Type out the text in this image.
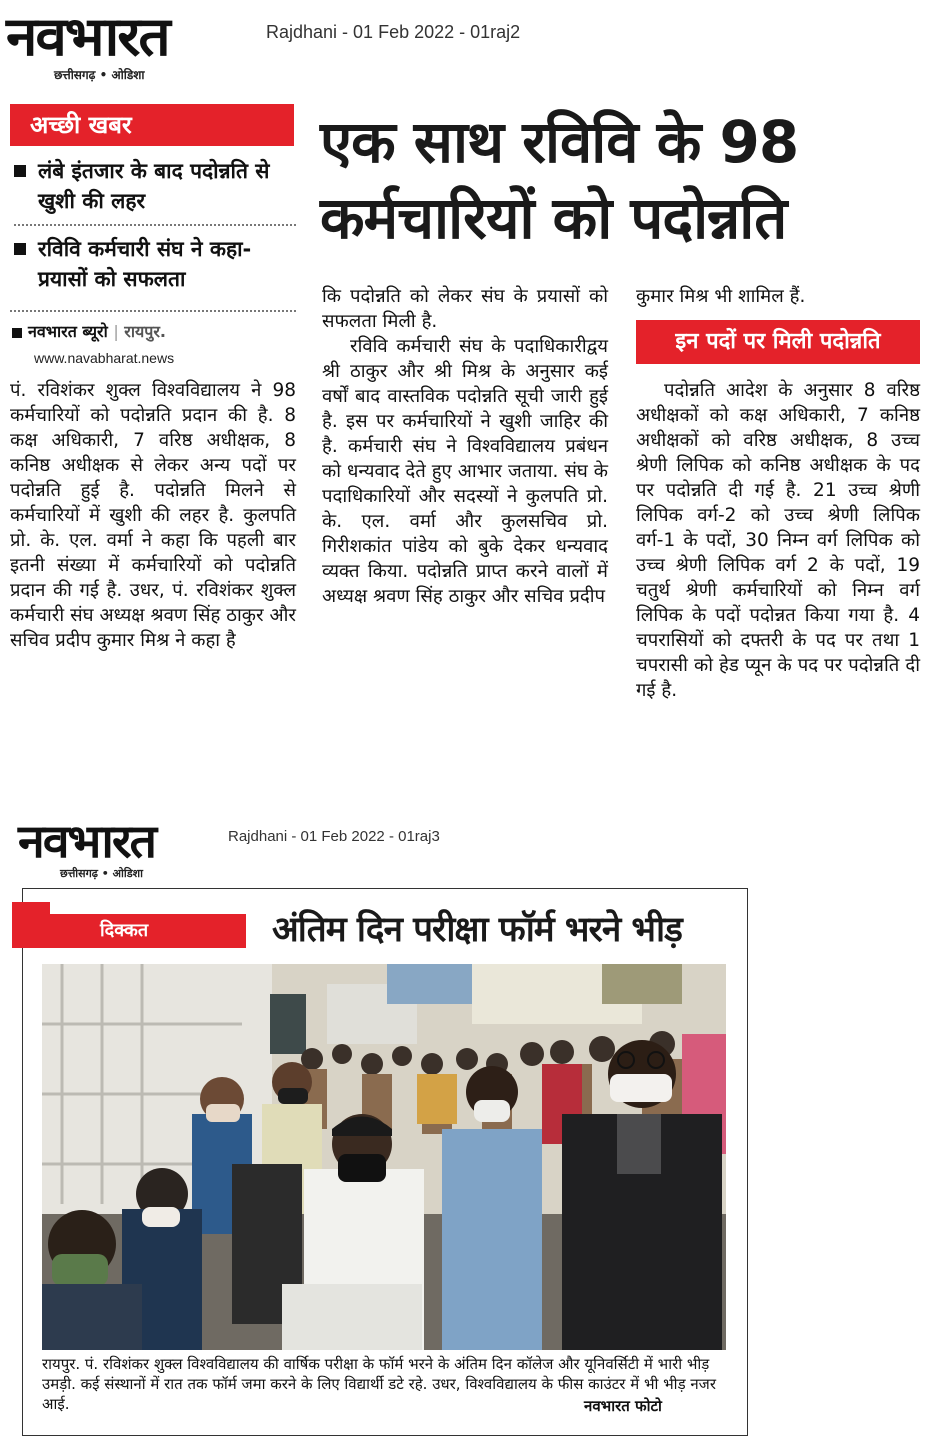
नवभारत
छत्तीसगढ़ • ओडिशा
Rajdhani - 01 Feb 2022 - 01raj2
अच्छी खबर
लंबे इंतजार के बाद पदोन्नति से खुशी की लहर
रविवि कर्मचारी संघ ने कहा- प्रयासों को सफलता
नवभारत ब्यूरो | रायपुर.
www.navabharat.news

पं. रविशंकर शुक्ल विश्वविद्यालय ने 98 कर्मचारियों को पदोन्नति प्रदान की है. 8 कक्ष अधिकारी, 7 वरिष्ठ अधीक्षक, 8 कनिष्ठ अधीक्षक से लेकर अन्य पदों पर पदोन्नति हुई है. पदोन्नति मिलने से कर्मचारियों में खुशी की लहर है. कुलपति प्रो. के. एल. वर्मा ने कहा कि पहली बार इतनी संख्या में कर्मचारियों को पदोन्नति प्रदान की गई है. उधर, पं. रविशंकर शुक्ल कर्मचारी संघ अध्यक्ष श्रवण सिंह ठाकुर और सचिव प्रदीप कुमार मिश्र ने कहा है

एक साथ रविवि के 98
कर्मचारियों को पदोन्नति

कि पदोन्नति को लेकर संघ के प्रयासों को सफलता मिली है.

रविवि कर्मचारी संघ के पदाधिकारीद्वय श्री ठाकुर और श्री मिश्र के अनुसार कई वर्षों बाद वास्तविक पदोन्नति सूची जारी हुई है. इस पर कर्मचारियों ने खुशी जाहिर की है. कर्मचारी संघ ने विश्वविद्यालय प्रबंधन को धन्यवाद देते हुए आभार जताया. संघ के पदाधिकारियों और सदस्यों ने कुलपति प्रो. के. एल. वर्मा और कुलसचिव प्रो. गिरीशकांत पांडेय को बुके देकर धन्यवाद व्यक्त किया. पदोन्नति प्राप्त करने वालों में अध्यक्ष श्रवण सिंह ठाकुर और सचिव प्रदीप

कुमार मिश्र भी शामिल हैं.

इन पदों पर मिली पदोन्नति

पदोन्नति आदेश के अनुसार 8 वरिष्ठ अधीक्षकों को कक्ष अधिकारी, 7 कनिष्ठ अधीक्षकों को वरिष्ठ अधीक्षक, 8 उच्च श्रेणी लिपिक को कनिष्ठ अधीक्षक के पद पर पदोन्नति दी गई है. 21 उच्च श्रेणी लिपिक वर्ग-2 को उच्च श्रेणी लिपिक वर्ग-1 के पदों, 30 निम्न वर्ग लिपिक को उच्च श्रेणी लिपिक वर्ग 2 के पदों, 19 चतुर्थ श्रेणी कर्मचारियों को निम्न वर्ग लिपिक के पदों पदोन्नत किया गया है. 4 चपरासियों को दफ्तरी के पद पर तथा 1 चपरासी को हेड प्यून के पद पर पदोन्नति दी गई है.

नवभारत
छत्तीसगढ़ • ओडिशा
Rajdhani - 01 Feb 2022 - 01raj3
दिक्कत	अंतिम दिन परीक्षा फॉर्म भरने भीड़
रायपुर. पं. रविशंकर शुक्ल विश्वविद्यालय की वार्षिक परीक्षा के फॉर्म भरने के अंतिम दिन कॉलेज और यूनिवर्सिटी में भारी भीड़ उमड़ी. कई संस्थानों में रात तक फॉर्म जमा करने के लिए विद्यार्थी डटे रहे. उधर, विश्वविद्यालय के फीस काउंटर में भी भीड़ नजर आई.	नवभारत फोटो
